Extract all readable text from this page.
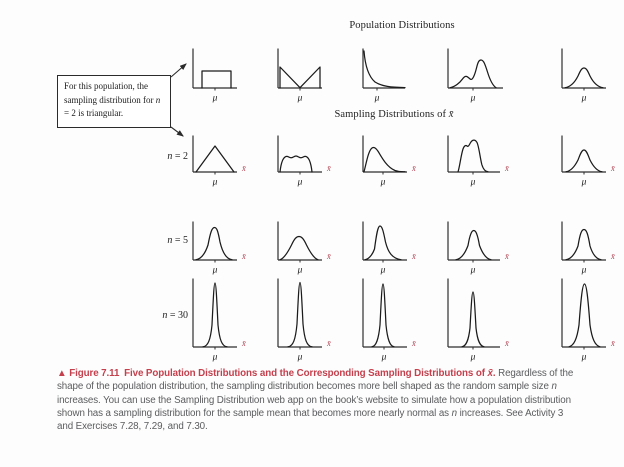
Population Distributions
Sampling Distributions of x̄
For this population, the sampling distribution for n = 2 is triangular.
μ	μ	μ	μ	μ
μ
x̄
μ
x̄
μ
x̄
μ
x̄
μ
x̄
μ
x̄
μ
x̄
μ
x̄
μ
x̄
μ
x̄
μ
x̄
μ
x̄
μ
x̄
μ
x̄
μ
x̄
n = 2
n = 5
n = 30

▲ Figure 7.11 Five Population Distributions and the Corresponding Sampling Distributions of x̄. Regardless of the shape of the population distribution, the sampling distribution becomes more bell shaped as the random sample size n increases. You can use the Sampling Distribution web app on the book’s website to simulate how a population distribution shown has a sampling distribution for the sample mean that becomes more nearly normal as n increases. See Activity 3 and Exercises 7.28, 7.29, and 7.30.
